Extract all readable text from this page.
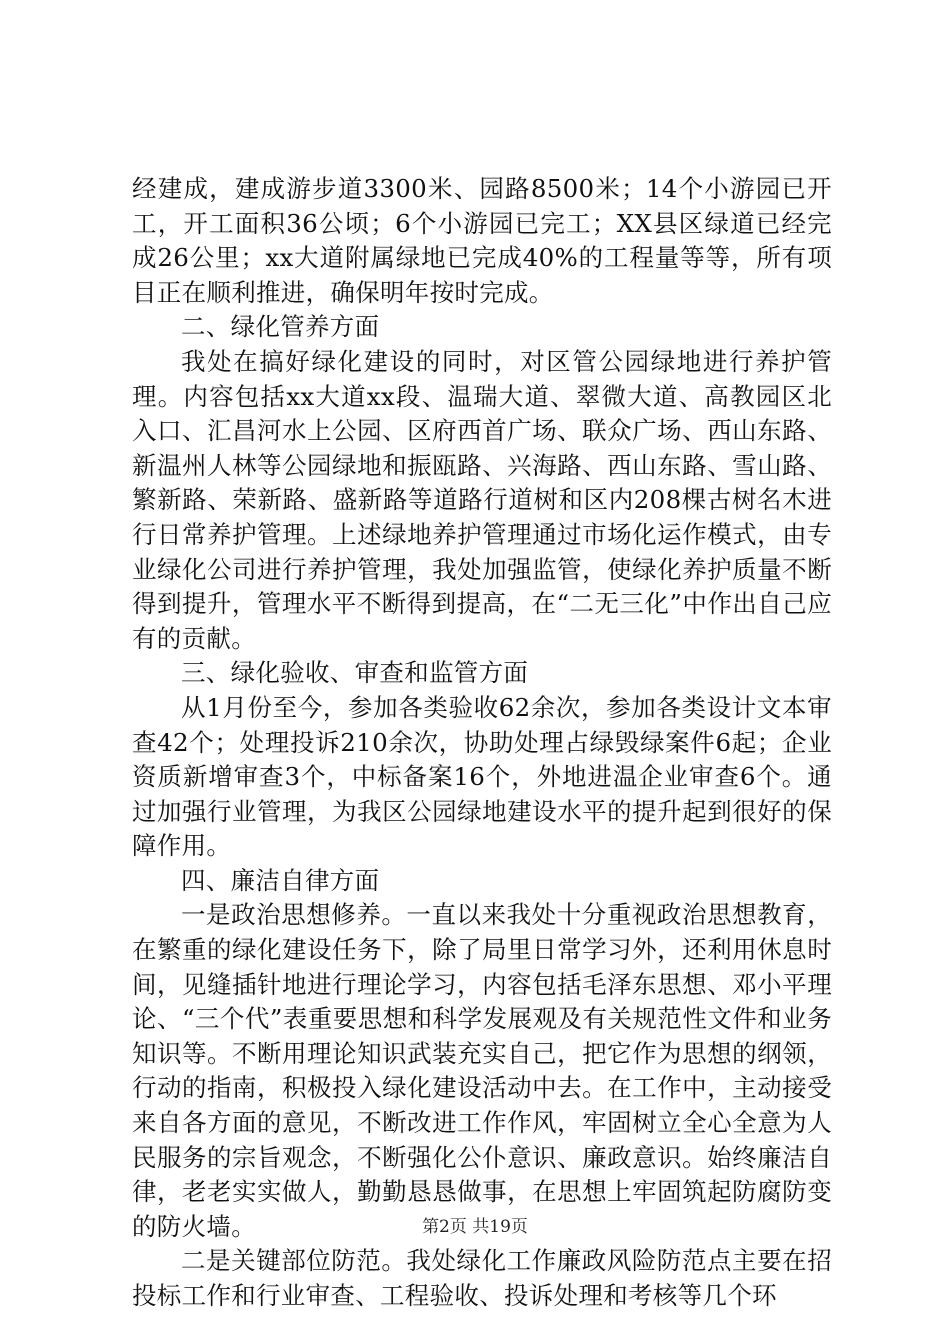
经建成，建成游步道3300米、园路8500米；14个小游园已开工，开工面积36公顷；6个小游园已完工；XX县区绿道已经完成26公里；xx大道附属绿地已完成40%的工程量等等，所有项目正在顺利推进，确保明年按时完成。

二、绿化管养方面

我处在搞好绿化建设的同时，对区管公园绿地进行养护管理。内容包括xx大道xx段、温瑞大道、翠微大道、高教园区北入口、汇昌河水上公园、区府西首广场、联众广场、西山东路、新温州人林等公园绿地和振瓯路、兴海路、西山东路、雪山路、繁新路、荣新路、盛新路等道路行道树和区内208棵古树名木进行日常养护管理。上述绿地养护管理通过市场化运作模式，由专业绿化公司进行养护管理，我处加强监管，使绿化养护质量不断得到提升，管理水平不断得到提高，在“二无三化”中作出自己应有的贡献。

三、绿化验收、审查和监管方面

从1月份至今，参加各类验收62余次，参加各类设计文本审查42个；处理投诉210余次，协助处理占绿毁绿案件6起；企业资质新增审查3个，中标备案16个，外地进温企业审查6个。通过加强行业管理，为我区公园绿地建设水平的提升起到很好的保障作用。

四、廉洁自律方面

一是政治思想修养。一直以来我处十分重视政治思想教育，在繁重的绿化建设任务下，除了局里日常学习外，还利用休息时间，见缝插针地进行理论学习，内容包括毛泽东思想、邓小平理论、“三个代”表重要思想和科学发展观及有关规范性文件和业务知识等。不断用理论知识武装充实自己，把它作为思想的纲领，行动的指南，积极投入绿化建设活动中去。在工作中，主动接受来自各方面的意见，不断改进工作作风，牢固树立全心全意为人民服务的宗旨观念，不断强化公仆意识、廉政意识。始终廉洁自律，老老实实做人，勤勤恳恳做事，在思想上牢固筑起防腐防变的防火墙。

二是关键部位防范。我处绿化工作廉政风险防范点主要在招投标工作和行业审查、工程验收、投诉处理和考核等几个环

第2页 共19页
